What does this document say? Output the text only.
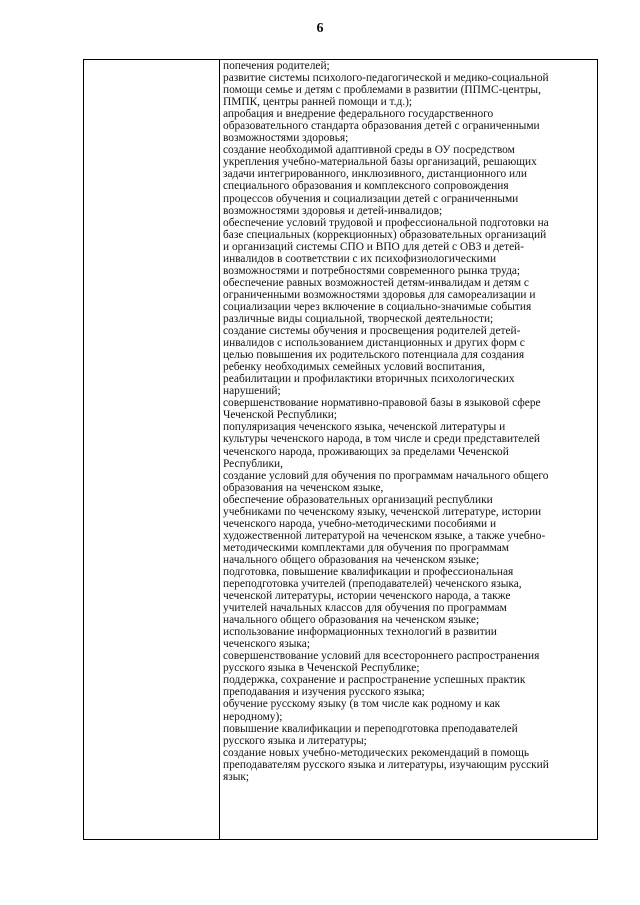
6
попечения родителей;
развитие системы психолого-педагогической и медико-социальной
помощи семье и детям с проблемами в развитии (ППМС-центры,
ПМПК, центры ранней помощи и т.д.);
апробация и внедрение федерального государственного
образовательного стандарта образования детей с ограниченными
возможностями здоровья;
создание необходимой адаптивной среды в ОУ посредством
укрепления учебно-материальной базы организаций, решающих
задачи интегрированного, инклюзивного, дистанционного или
специального образования и комплексного сопровождения
процессов обучения и социализации детей с ограниченными
возможностями здоровья и детей-инвалидов;
обеспечение условий трудовой и профессиональной подготовки на
базе специальных (коррекционных) образовательных организаций
и организаций системы СПО и ВПО для детей с ОВЗ и детей-
инвалидов в соответствии с их психофизиологическими
возможностями и потребностями современного рынка труда;
обеспечение равных возможностей детям-инвалидам и детям с
ограниченными возможностями здоровья для самореализации и
социализации через включение в социально-значимые события
различные виды социальной, творческой деятельности;
создание системы обучения и просвещения родителей детей-
инвалидов с использованием дистанционных и других форм с
целью повышения их родительского потенциала для создания
ребенку необходимых семейных условий воспитания,
реабилитации и профилактики вторичных психологических
нарушений;
совершенствование нормативно-правовой базы в языковой сфере
Чеченской Республики;
популяризация чеченского языка, чеченской литературы и
культуры чеченского народа, в том числе и среди представителей
чеченского народа, проживающих за пределами Чеченской
Республики,
создание условий для обучения по программам начального общего
образования на чеченском языке,
обеспечение образовательных организаций республики
учебниками по чеченскому языку, чеченской литературе, истории
чеченского народа, учебно-методическими пособиями и
художественной литературой на чеченском языке, а также учебно-
методическими комплектами для обучения по программам
начального общего образования на чеченском языке;
подготовка, повышение квалификации и профессиональная
переподготовка учителей (преподавателей) чеченского языка,
чеченской литературы, истории чеченского народа, а также
учителей начальных классов для обучения по программам
начального общего образования на чеченском языке;
использование информационных технологий в развитии
чеченского языка;
совершенствование условий для всестороннего распространения
русского языка в Чеченской Республике;
поддержка, сохранение и распространение успешных практик
преподавания и изучения русского языка;
обучение русскому языку (в том числе как родному и как
неродному);
повышение квалификации и переподготовка преподавателей
русского языка и литературы;
создание новых учебно-методических рекомендаций в помощь
преподавателям русского языка и литературы, изучающим русский
язык;
